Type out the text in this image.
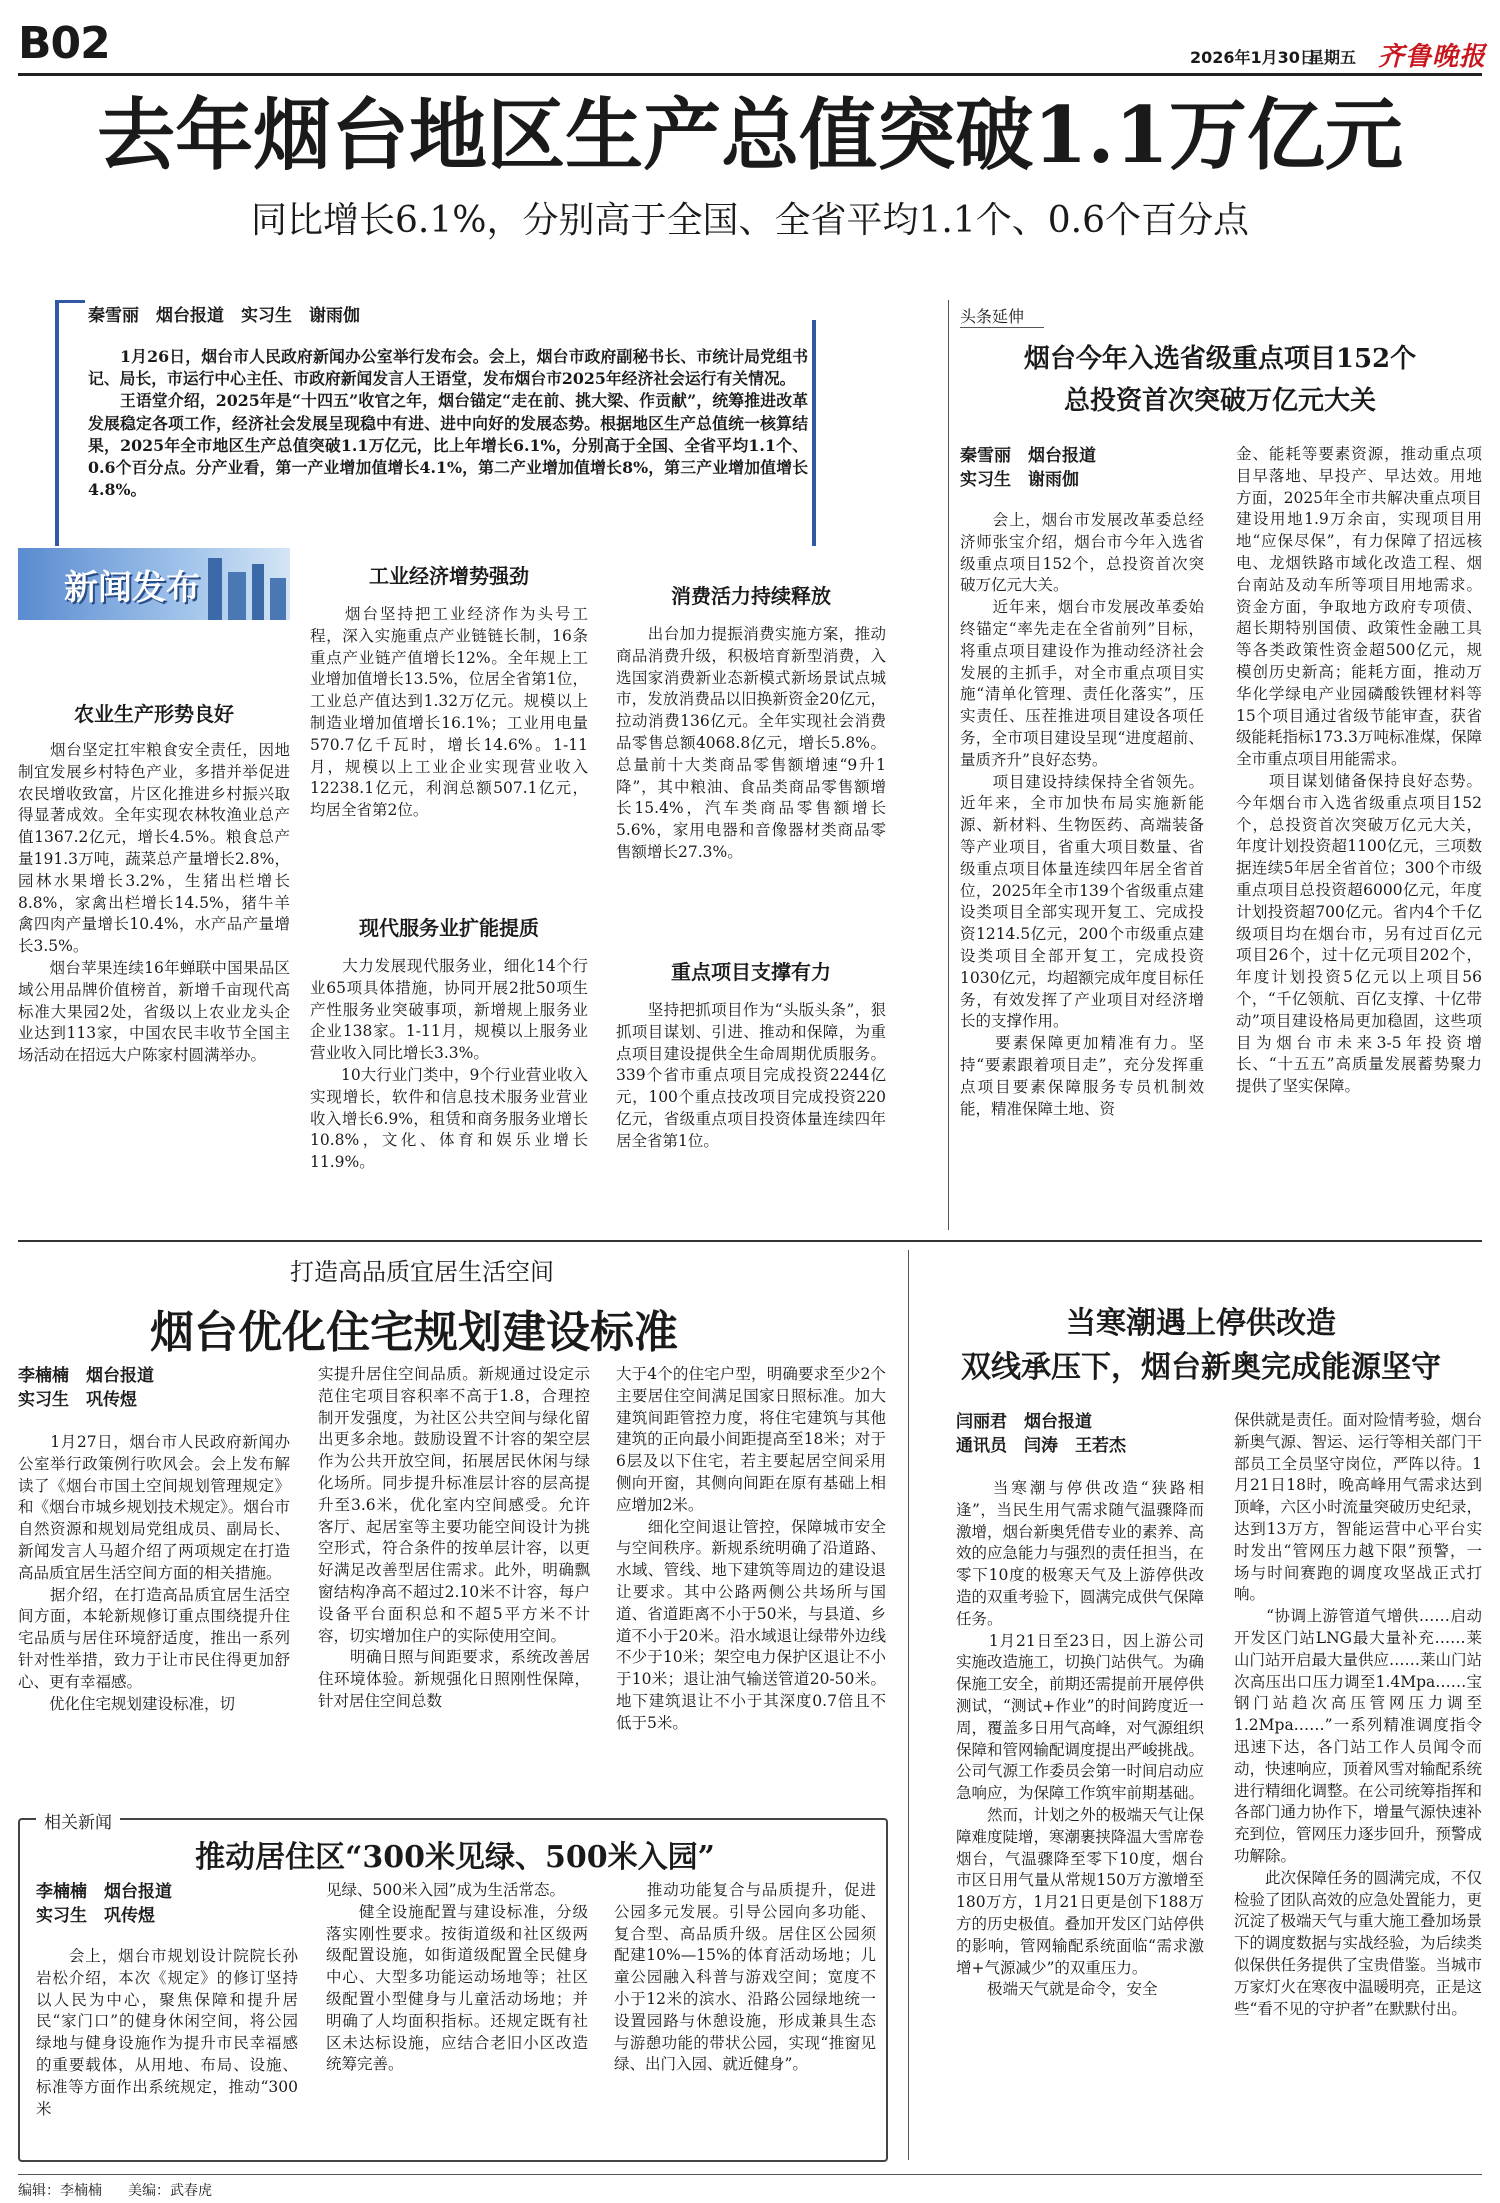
B02	2026年1月30日
星期五 齐鲁晚报
去年烟台地区生产总值突破1.1万亿元
同比增长6.1%，分别高于全国、全省平均1.1个、0.6个百分点
秦雪丽　烟台报道　实习生　谢雨伽
　　1月26日，烟台市人民政府新闻办公室举行发布会。会上，烟台市政府副秘书长、市统计局党组书记、局长，市运行中心主任、市政府新闻发言人王语堂，发布烟台市2025年经济社会运行有关情况。
　　王语堂介绍，2025年是“十四五”收官之年，烟台锚定“走在前、挑大梁、作贡献”，统筹推进改革发展稳定各项工作，经济社会发展呈现稳中有进、进中向好的发展态势。根据地区生产总值统一核算结果，2025年全市地区生产总值突破1.1万亿元，比上年增长6.1%，分别高于全国、全省平均1.1个、0.6个百分点。分产业看，第一产业增加值增长4.1%，第二产业增加值增长8%，第三产业增加值增长4.8%。
新闻发布
农业生产形势良好
　　烟台坚定扛牢粮食安全责任，因地制宜发展乡村特色产业，多措并举促进农民增收致富，片区化推进乡村振兴取得显著成效。全年实现农林牧渔业总产值1367.2亿元，增长4.5%。粮食总产量191.3万吨，蔬菜总产量增长2.8%，园林水果增长3.2%，生猪出栏增长8.8%，家禽出栏增长14.5%，猪牛羊禽四肉产量增长10.4%，水产品产量增长3.5%。
　　烟台苹果连续16年蝉联中国果品区域公用品牌价值榜首，新增千亩现代高标准大果园2处，省级以上农业龙头企业达到113家，中国农民丰收节全国主场活动在招远大户陈家村圆满举办。
工业经济增势强劲
　　烟台坚持把工业经济作为头号工程，深入实施重点产业链链长制，16条重点产业链产值增长12%。全年规上工业增加值增长13.5%，位居全省第1位，工业总产值达到1.32万亿元。规模以上制造业增加值增长16.1%；工业用电量570.7亿千瓦时，增长14.6%。1-11月，规模以上工业企业实现营业收入12238.1亿元，利润总额507.1亿元，均居全省第2位。
现代服务业扩能提质
　　大力发展现代服务业，细化14个行业65项具体措施，协同开展2批50项生产性服务业突破事项，新增规上服务业企业138家。1-11月，规模以上服务业营业收入同比增长3.3%。
　　10大行业门类中，9个行业营业收入实现增长，软件和信息技术服务业营业收入增长6.9%，租赁和商务服务业增长10.8%，文化、体育和娱乐业增长11.9%。
消费活力持续释放
　　出台加力提振消费实施方案，推动商品消费升级，积极培育新型消费，入选国家消费新业态新模式新场景试点城市，发放消费品以旧换新资金20亿元，拉动消费136亿元。全年实现社会消费品零售总额4068.8亿元，增长5.8%。总量前十大类商品零售额增速“9升1降”，其中粮油、食品类商品零售额增长15.4%，汽车类商品零售额增长5.6%，家用电器和音像器材类商品零售额增长27.3%。
重点项目支撑有力
　　坚持把抓项目作为“头版头条”，狠抓项目谋划、引进、推动和保障，为重点项目建设提供全生命周期优质服务。339个省市重点项目完成投资2244亿元，100个重点技改项目完成投资220亿元，省级重点项目投资体量连续四年居全省第1位。
头条延伸
烟台今年入选省级重点项目152个
总投资首次突破万亿元大关
秦雪丽　烟台报道
实习生　谢雨伽
　　会上，烟台市发展改革委总经济师张宝介绍，烟台市今年入选省级重点项目152个，总投资首次突破万亿元大关。
　　近年来，烟台市发展改革委始终锚定“率先走在全省前列”目标，将重点项目建设作为推动经济社会发展的主抓手，对全市重点项目实施“清单化管理、责任化落实”，压实责任、压茬推进项目建设各项任务，全市项目建设呈现“进度超前、量质齐升”良好态势。
　　项目建设持续保持全省领先。近年来，全市加快布局实施新能源、新材料、生物医药、高端装备等产业项目，省重大项目数量、省级重点项目体量连续四年居全省首位，2025年全市139个省级重点建设类项目全部实现开复工、完成投资1214.5亿元，200个市级重点建设类项目全部开复工，完成投资1030亿元，均超额完成年度目标任务，有效发挥了产业项目对经济增长的支撑作用。
　　要素保障更加精准有力。坚持“要素跟着项目走”，充分发挥重点项目要素保障服务专员机制效能，精准保障土地、资
金、能耗等要素资源，推动重点项目早落地、早投产、早达效。用地方面，2025年全市共解决重点项目建设用地1.9万余亩，实现项目用地“应保尽保”，有力保障了招远核电、龙烟铁路市域化改造工程、烟台南站及动车所等项目用地需求。资金方面，争取地方政府专项债、超长期特别国债、政策性金融工具等各类政策性资金超500亿元，规模创历史新高；能耗方面，推动万华化学绿电产业园磷酸铁锂材料等15个项目通过省级节能审查，获省级能耗指标173.3万吨标准煤，保障全市重点项目用能需求。
　　项目谋划储备保持良好态势。今年烟台市入选省级重点项目152个，总投资首次突破万亿元大关，年度计划投资超1100亿元，三项数据连续5年居全省首位；300个市级重点项目总投资超6000亿元，年度计划投资超700亿元。省内4个千亿级项目均在烟台市，另有过百亿元项目26个，过十亿元项目202个，年度计划投资5亿元以上项目56个，“千亿领航、百亿支撑、十亿带动”项目建设格局更加稳固，这些项目为烟台市未来3-5年投资增长、“十五五”高质量发展蓄势聚力提供了坚实保障。
打造高品质宜居生活空间
烟台优化住宅规划建设标准
李楠楠　烟台报道
实习生　巩传煜
　　1月27日，烟台市人民政府新闻办公室举行政策例行吹风会。会上发布解读了《烟台市国土空间规划管理规定》和《烟台市城乡规划技术规定》。烟台市自然资源和规划局党组成员、副局长、新闻发言人马超介绍了两项规定在打造高品质宜居生活空间方面的相关措施。
　　据介绍，在打造高品质宜居生活空间方面，本轮新规修订重点围绕提升住宅品质与居住环境舒适度，推出一系列针对性举措，致力于让市民住得更加舒心、更有幸福感。
　　优化住宅规划建设标准，切
实提升居住空间品质。新规通过设定示范住宅项目容积率不高于1.8，合理控制开发强度，为社区公共空间与绿化留出更多余地。鼓励设置不计容的架空层作为公共开放空间，拓展居民休闲与绿化场所。同步提升标准层计容的层高提升至3.6米，优化室内空间感受。允许客厅、起居室等主要功能空间设计为挑空形式，符合条件的按单层计容，以更好满足改善型居住需求。此外，明确飘窗结构净高不超过2.10米不计容，每户设备平台面积总和不超5平方米不计容，切实增加住户的实际使用空间。
　　明确日照与间距要求，系统改善居住环境体验。新规强化日照刚性保障，针对居住空间总数
大于4个的住宅户型，明确要求至少2个主要居住空间满足国家日照标准。加大建筑间距管控力度，将住宅建筑与其他建筑的正向最小间距提高至18米；对于6层及以下住宅，若主要起居空间采用侧向开窗，其侧向间距在原有基础上相应增加2米。
　　细化空间退让管控，保障城市安全与空间秩序。新规系统明确了沿道路、水域、管线、地下建筑等周边的建设退让要求。其中公路两侧公共场所与国道、省道距离不小于50米，与县道、乡道不小于20米。沿水域退让绿带外边线不少于10米；架空电力保护区退让不小于10米；退让油气输送管道20-50米。地下建筑退让不小于其深度0.7倍且不低于5米。
相关新闻
推动居住区“300米见绿、500米入园”
李楠楠　烟台报道
实习生　巩传煜
　　会上，烟台市规划设计院院长孙岩松介绍，本次《规定》的修订坚持以人民为中心，聚焦保障和提升居民“家门口”的健身休闲空间，将公园绿地与健身设施作为提升市民幸福感的重要载体，从用地、布局、设施、标准等方面作出系统规定，推动“300米
见绿、500米入园”成为生活常态。
　　健全设施配置与建设标准，分级落实刚性要求。按街道级和社区级两级配置设施，如街道级配置全民健身中心、大型多功能运动场地等；社区级配置小型健身与儿童活动场地；并明确了人均面积指标。还规定既有社区未达标设施，应结合老旧小区改造统筹完善。
　　推动功能复合与品质提升，促进公园多元发展。引导公园向多功能、复合型、高品质升级。居住区公园须配建10%—15%的体育活动场地；儿童公园融入科普与游戏空间；宽度不小于12米的滨水、沿路公园绿地统一设置园路与休憩设施，形成兼具生态与游憩功能的带状公园，实现“推窗见绿、出门入园、就近健身”。
当寒潮遇上停供改造
双线承压下，烟台新奥完成能源坚守
闫丽君　烟台报道
通讯员　闫涛　王若杰
　　当寒潮与停供改造“狭路相逢”，当民生用气需求随气温骤降而激增，烟台新奥凭借专业的素养、高效的应急能力与强烈的责任担当，在零下10度的极寒天气及上游停供改造的双重考验下，圆满完成供气保障任务。
　　1月21日至23日，因上游公司实施改造施工，切换门站供气。为确保施工安全，前期还需提前开展停供测试，“测试+作业”的时间跨度近一周，覆盖多日用气高峰，对气源组织保障和管网输配调度提出严峻挑战。公司气源工作委员会第一时间启动应急响应，为保障工作筑牢前期基础。
　　然而，计划之外的极端天气让保障难度陡增，寒潮裹挟降温大雪席卷烟台，气温骤降至零下10度，烟台市区日用气量从常规150万方激增至180万方，1月21日更是创下188万方的历史极值。叠加开发区门站停供的影响，管网输配系统面临“需求激增+气源减少”的双重压力。
　　极端天气就是命令，安全
保供就是责任。面对险情考验，烟台新奥气源、智运、运行等相关部门干部员工全员坚守岗位，严阵以待。1月21日18时，晚高峰用气需求达到顶峰，六区小时流量突破历史纪录，达到13万方，智能运营中心平台实时发出“管网压力越下限”预警，一场与时间赛跑的调度攻坚战正式打响。
　　“协调上游管道气增供……启动开发区门站LNG最大量补充……莱山门站开启最大量供应……莱山门站次高压出口压力调至1.4Mpa……宝钢门站趋次高压管网压力调至1.2Mpa……”一系列精准调度指令迅速下达，各门站工作人员闻令而动，快速响应，顶着风雪对输配系统进行精细化调整。在公司统筹指挥和各部门通力协作下，增量气源快速补充到位，管网压力逐步回升，预警成功解除。
　　此次保障任务的圆满完成，不仅检验了团队高效的应急处置能力，更沉淀了极端天气与重大施工叠加场景下的调度数据与实战经验，为后续类似保供任务提供了宝贵借鉴。当城市万家灯火在寒夜中温暖明亮，正是这些“看不见的守护者”在默默付出。
编辑：李楠楠 美编：武春虎
